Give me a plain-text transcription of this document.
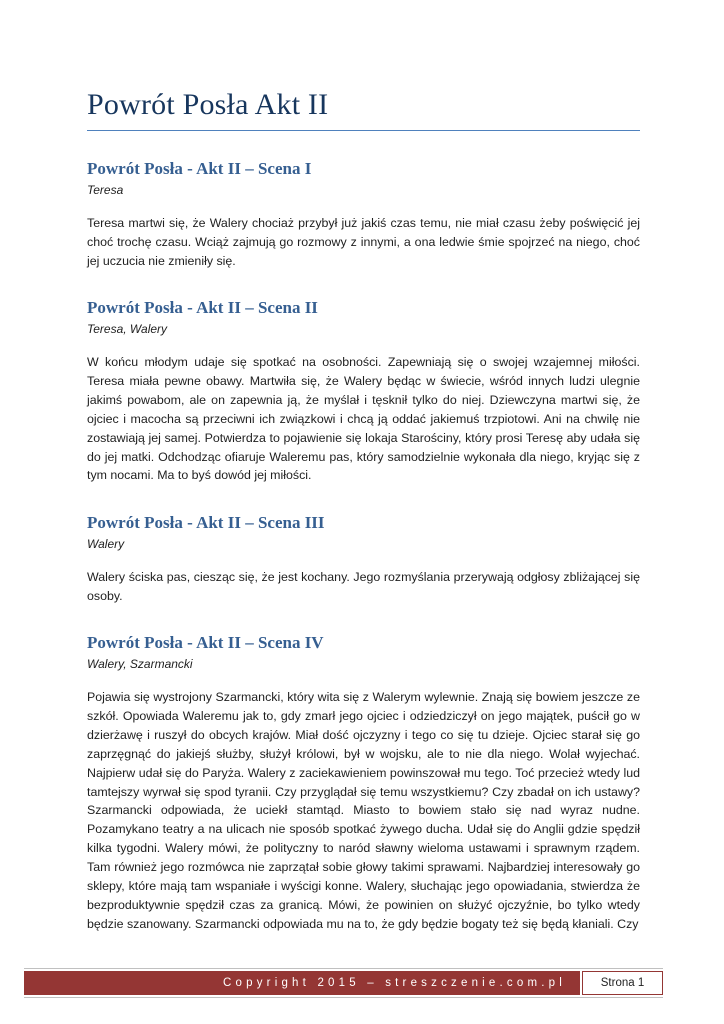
Powrót Posła Akt II
Powrót Posła - Akt II – Scena I

Teresa

Teresa martwi się, że Walery chociaż przybył już jakiś czas temu, nie miał czasu żeby poświęcić jej choć trochę czasu. Wciąż zajmują go rozmowy z innymi, a ona ledwie śmie spojrzeć na niego, choć jej uczucia nie zmieniły się.

Powrót Posła - Akt II – Scena II

Teresa, Walery

W końcu młodym udaje się spotkać na osobności. Zapewniają się o swojej wzajemnej miłości. Teresa miała pewne obawy. Martwiła się, że Walery będąc w świecie, wśród innych ludzi ulegnie jakimś powabom, ale on zapewnia ją, że myślał i tęsknił tylko do niej. Dziewczyna martwi się, że ojciec i macocha są przeciwni ich związkowi i chcą ją oddać jakiemuś trzpiotowi. Ani na chwilę nie zostawiają jej samej. Potwierdza to pojawienie się lokaja Starościny, który prosi Teresę aby udała się do jej matki. Odchodząc ofiaruje Waleremu pas, który samodzielnie wykonała dla niego, kryjąc się z tym nocami. Ma to byś dowód jej miłości.

Powrót Posła - Akt II – Scena III

Walery

Walery ściska pas, ciesząc się, że jest kochany. Jego rozmyślania przerywają odgłosy zbliżającej się osoby.

Powrót Posła - Akt II – Scena IV

Walery, Szarmancki

Pojawia się wystrojony Szarmancki, który wita się z Walerym wylewnie. Znają się bowiem jeszcze ze szkół. Opowiada Waleremu jak to, gdy zmarł jego ojciec i odziedziczył on jego majątek, puścił go w dzierżawę i ruszył do obcych krajów. Miał dość ojczyzny i tego co się tu dzieje. Ojciec starał się go zaprzęgnąć do jakiejś służby, służył królowi, był w wojsku, ale to nie dla niego. Wolał wyjechać. Najpierw udał się do Paryża. Walery z zaciekawieniem powinszował mu tego. Toć przecież wtedy lud tamtejszy wyrwał się spod tyranii. Czy przyglądał się temu wszystkiemu? Czy zbadał on ich ustawy? Szarmancki odpowiada, że uciekł stamtąd. Miasto to bowiem stało się nad wyraz nudne. Pozamykano teatry a na ulicach nie sposób spotkać żywego ducha. Udał się do Anglii gdzie spędził kilka tygodni. Walery mówi, że polityczny to naród sławny wieloma ustawami i sprawnym rządem. Tam również jego rozmówca nie zaprzątał sobie głowy takimi sprawami. Najbardziej interesowały go sklepy, które mają tam wspaniałe i wyścigi konne. Walery, słuchając jego opowiadania, stwierdza że bezproduktywnie spędził czas za granicą. Mówi, że powinien on służyć ojczyźnie, bo tylko wtedy będzie szanowany. Szarmancki odpowiada mu na to, że gdy będzie bogaty też się będą kłaniali. Czy

Copyright 2015 – streszczenie.com.pl	Strona 1
